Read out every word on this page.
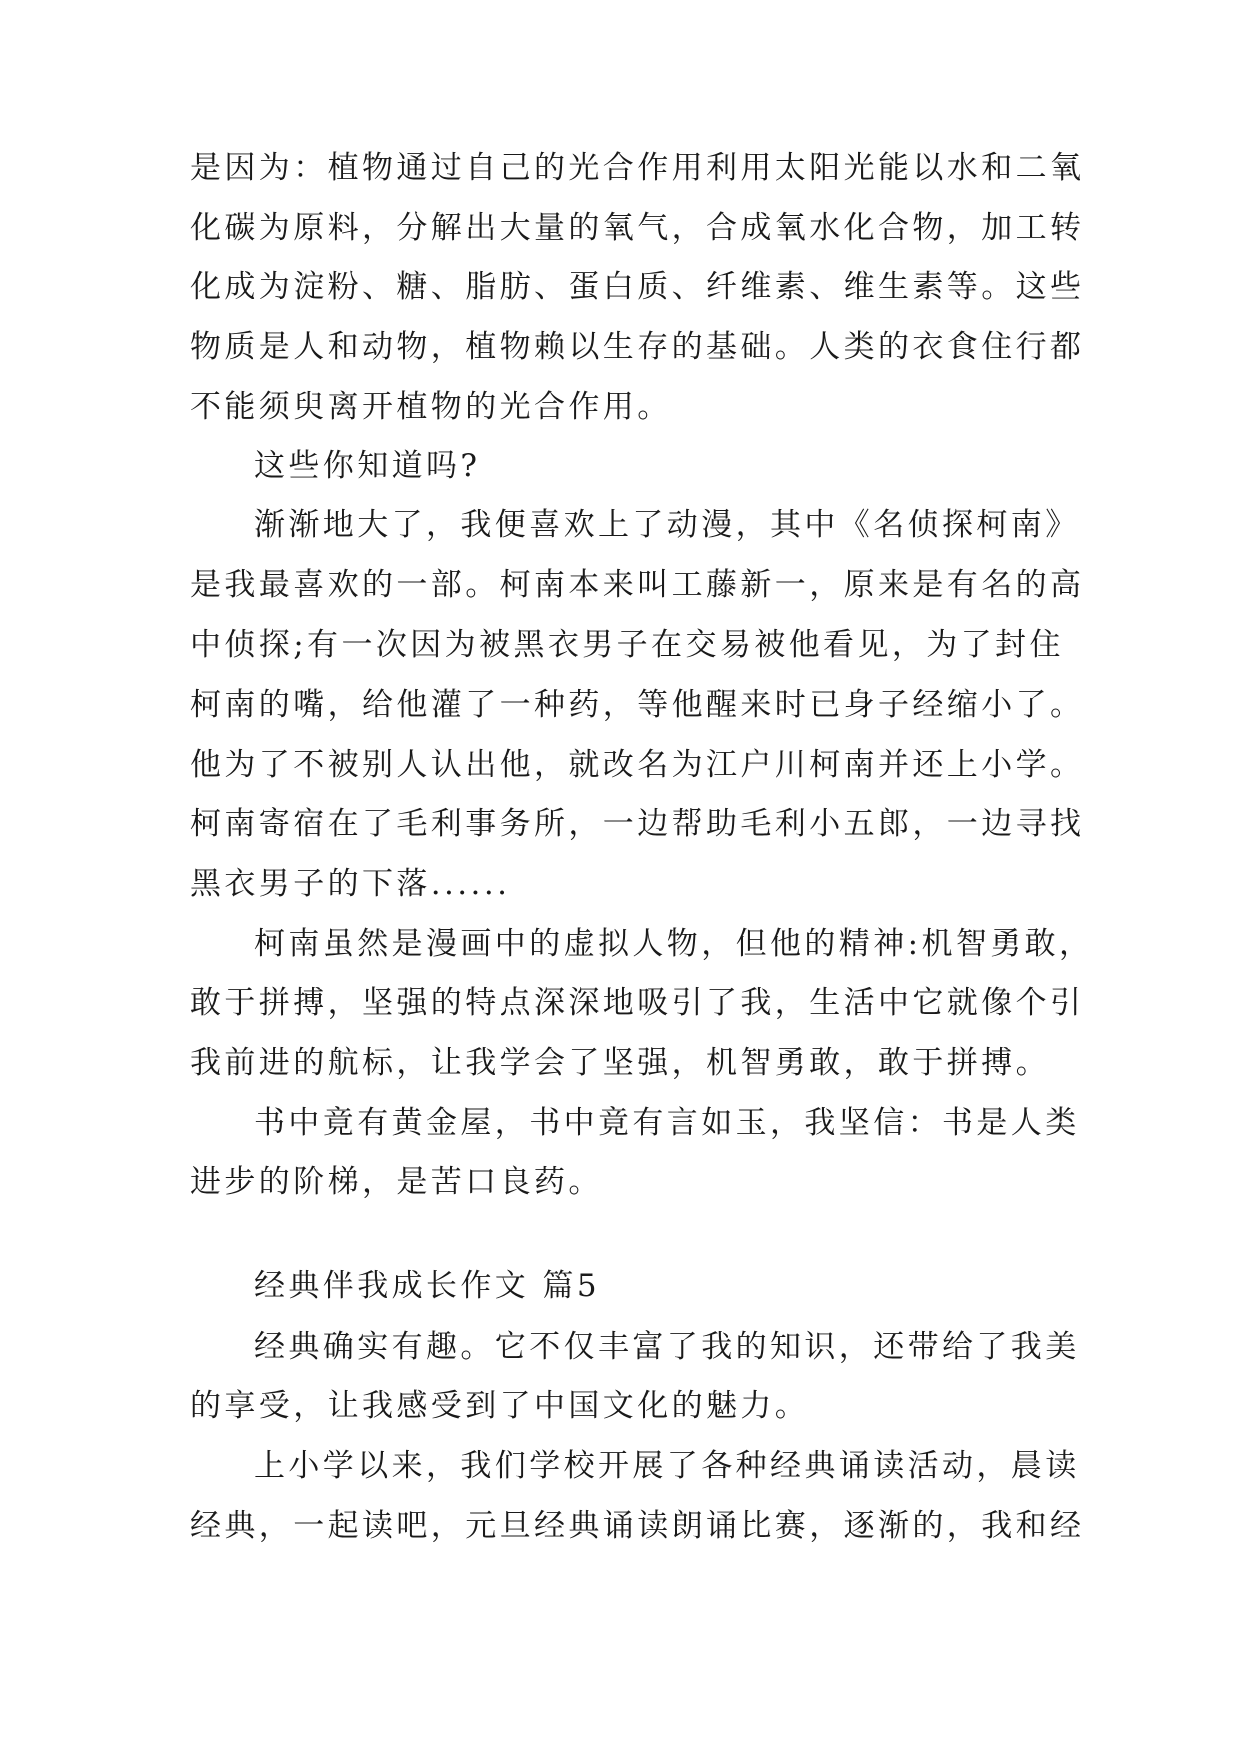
是因为：植物通过自己的光合作用利用太阳光能以水和二氧
化碳为原料，分解出大量的氧气，合成氧水化合物，加工转
化成为淀粉、糖、脂肪、蛋白质、纤维素、维生素等。这些
物质是人和动物，植物赖以生存的基础。人类的衣食住行都
不能须臾离开植物的光合作用。
这些你知道吗?
渐渐地大了，我便喜欢上了动漫，其中《名侦探柯南》
是我最喜欢的一部。柯南本来叫工藤新一，原来是有名的高
中侦探;有一次因为被黑衣男子在交易被他看见，为了封住
柯南的嘴，给他灌了一种药，等他醒来时已身子经缩小了。
他为了不被别人认出他，就改名为江户川柯南并还上小学。
柯南寄宿在了毛利事务所，一边帮助毛利小五郎，一边寻找
黑衣男子的下落......
柯南虽然是漫画中的虚拟人物，但他的精神:机智勇敢，
敢于拼搏，坚强的特点深深地吸引了我，生活中它就像个引
我前进的航标，让我学会了坚强，机智勇敢，敢于拼搏。
书中竟有黄金屋，书中竟有言如玉，我坚信：书是人类
进步的阶梯，是苦口良药。
经典伴我成长作文 篇5
经典确实有趣。它不仅丰富了我的知识，还带给了我美
的享受，让我感受到了中国文化的魅力。
上小学以来，我们学校开展了各种经典诵读活动，晨读
经典，一起读吧，元旦经典诵读朗诵比赛，逐渐的，我和经
